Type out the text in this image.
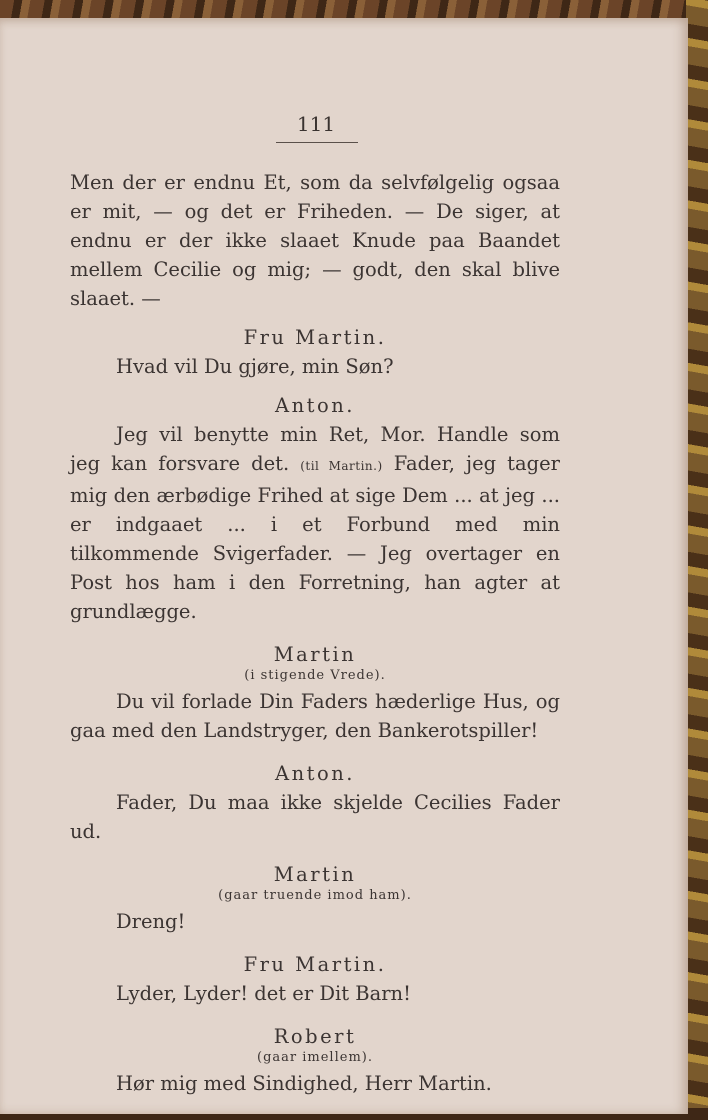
111

Men der er endnu Et, som da selvfølgelig ogsaa er mit, — og det er Friheden. — De siger, at endnu er der ikke slaaet Knude paa Baandet mellem Cecilie og mig; — godt, den skal blive slaaet. —

Fru Martin.

Hvad vil Du gjøre, min Søn?

Anton.

Jeg vil benytte min Ret, Mor. Handle som jeg kan forsvare det. (til Martin.) Fader, jeg tager mig den ærbødige Frihed at sige Dem ... at jeg ... er indgaaet ... i et Forbund med min tilkommende Svigerfader. — Jeg overtager en Post hos ham i den Forretning, han agter at grundlægge.

Martin
(i stigende Vrede).

Du vil forlade Din Faders hæderlige Hus, og gaa med den Landstryger, den Bankerotspiller!

Anton.

Fader, Du maa ikke skjelde Cecilies Fader ud.

Martin
(gaar truende imod ham).

Dreng!

Fru Martin.

Lyder, Lyder! det er Dit Barn!

Robert
(gaar imellem).

Hør mig med Sindighed, Herr Martin.
